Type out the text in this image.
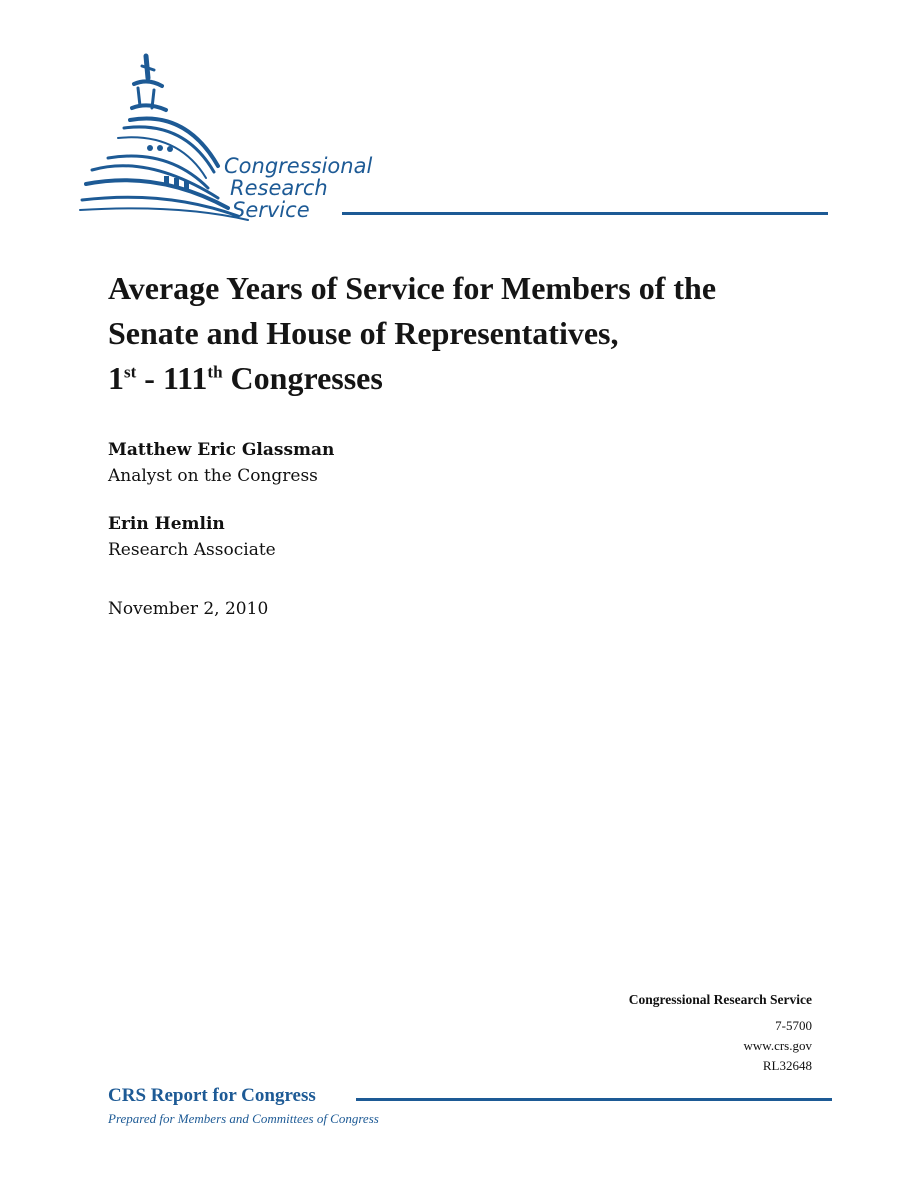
Congressional
Research
Service
Average Years of Service for Members of the
Senate and House of Representatives,
1st - 111th Congresses
Matthew Eric Glassman
Analyst on the Congress
Erin Hemlin
Research Associate
November 2, 2010
Congressional Research Service
7-5700
www.crs.gov
RL32648
CRS Report for Congress
Prepared for Members and Committees of Congress
